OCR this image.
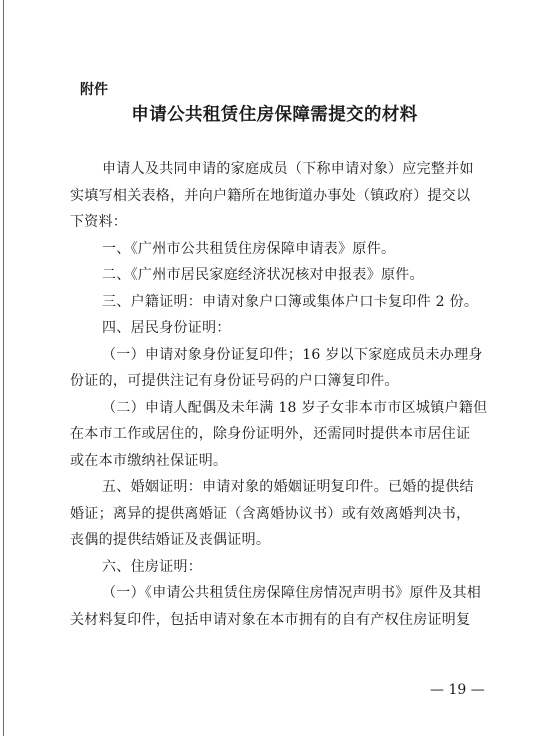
附件
申请公共租赁住房保障需提交的材料
申请人及共同申请的家庭成员（下称申请对象）应完整并如
实填写相关表格，并向户籍所在地街道办事处（镇政府）提交以
下资料：
一、《广州市公共租赁住房保障申请表》原件。
二、《广州市居民家庭经济状况核对申报表》原件。
三、户籍证明：申请对象户口簿或集体户口卡复印件 2 份。
四、居民身份证明：
（一）申请对象身份证复印件；16 岁以下家庭成员未办理身
份证的，可提供注记有身份证号码的户口簿复印件。
（二）申请人配偶及未年满 18 岁子女非本市市区城镇户籍但
在本市工作或居住的，除身份证明外，还需同时提供本市居住证
或在本市缴纳社保证明。
五、婚姻证明：申请对象的婚姻证明复印件。已婚的提供结
婚证；离异的提供离婚证（含离婚协议书）或有效离婚判决书，
丧偶的提供结婚证及丧偶证明。
六、住房证明：
（一）《申请公共租赁住房保障住房情况声明书》原件及其相
关材料复印件，包括申请对象在本市拥有的自有产权住房证明复
— 19 —
